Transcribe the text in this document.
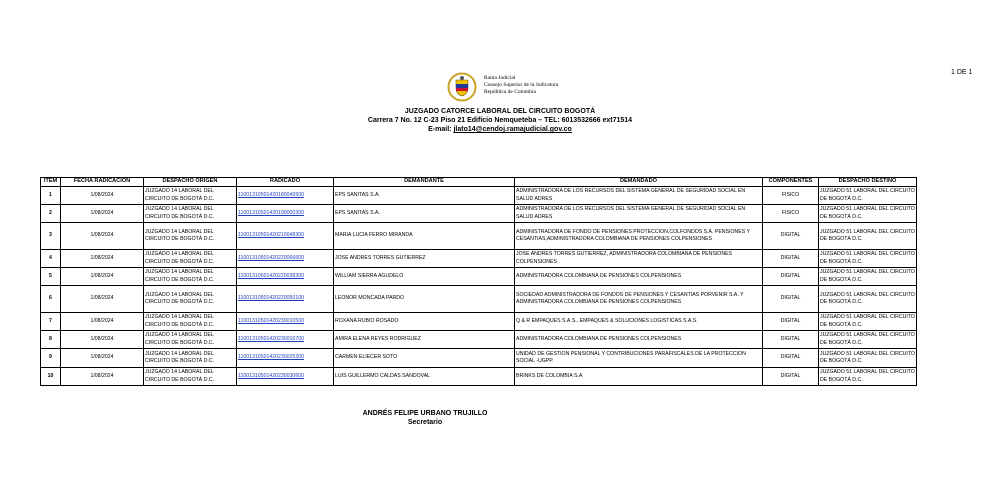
1 DE 1
Rama Judicial
Consejo Superior de la Judicatura
República de Colombia
JUZGADO CATORCE LABORAL DEL CIRCUITO BOGOTÁ
Carrera 7 No. 12 C-23 Piso 21 Edificio Nemqueteba – TEL: 6013532666 ext71514
E-mail: jlato14@cendoj.ramajudicial.gov.co
ITEM	FECHA RADICACION	DESPACHO ORIGEN	RADICADO	DEMANDANTE	DEMANDADO	COMPONENTES	DESPACHO DESTINO
1	1/08/2024	JUZGADO 14 LABORAL DEL CIRCUITO DE BOGOTÁ D.C.	11001310501420180049500	EPS SANITAS S.A.	ADMINISTRADORA DE LOS RECURSOS DEL SISTEMA GENERAL DE SEGURIDAD SOCIAL EN SALUD ADRES	FISICO	JUZGADO 51 LABORAL DEL CIRCUITO DE BOGOTÁ D.C.
2	1/08/2024	JUZGADO 14 LABORAL DEL CIRCUITO DE BOGOTÁ D.C.	11001310501420190000300	EPS SANITAS S.A.	ADMINISTRADORA DE LOS RECURSOS DEL SISTEMA GENERAL DE SEGURIDAD SOCIAL EN SALUD ADRES	FISICO	JUZGADO 51 LABORAL DEL CIRCUITO DE BOGOTÁ D.C.
3	1/08/2024	JUZGADO 14 LABORAL DEL CIRCUITO DE BOGOTÁ D.C.	11001310501420210048300	MARIA LUCIA FERRO MIRANDA	ADMINISTRADORA DE FONDO DE PENSIONES PROTECCION,COLFONDOS S.A. PENSIONES Y CESANTIAS,ADMINISTRADORA COLOMBIANA DE PENSIONES COLPENSIONES	DIGITAL	JUZGADO 51 LABORAL DEL CIRCUITO DE BOGOTÁ D.C.
4	1/08/2024	JUZGADO 14 LABORAL DEL CIRCUITO DE BOGOTÁ D.C.	11001310501420220066600	JOSE ANDRES TORRES GUTIERREZ	JOSE ANDRES TORRES GUTIERREZ, ADMINISTRADORA COLOMBIANA DE PENSIONES COLPENSIONES	DIGITAL	JUZGADO 51 LABORAL DEL CIRCUITO DE BOGOTÁ D.C.
5	1/08/2024	JUZGADO 14 LABORAL DEL CIRCUITO DE BOGOTÁ D.C.	11001310501420220038300	WILLIAM SIERRA AGUDELO	ADMINISTRADORA COLOMBIANA DE PENSIONES COLPENSIONES	DIGITAL	JUZGADO 51 LABORAL DEL CIRCUITO DE BOGOTÁ D.C.
6	1/08/2024	JUZGADO 14 LABORAL DEL CIRCUITO DE BOGOTÁ D.C.	11001310501420220050100	LEONOR MONCADA PARDO	SOCIEDAD ADMINISTRADORA DE FONDOS DE PENSIONES Y CESANTIAS PORVENIR S.A. Y ADMINISTRADORA COLOMBIANA DE PENSIONES COLPENSIONES	DIGITAL	JUZGADO 51 LABORAL DEL CIRCUITO DE BOGOTÁ D.C.
7	1/08/2024	JUZGADO 14 LABORAL DEL CIRCUITO DE BOGOTÁ D.C.	11001310501420230010500	ROXANA RUBIO ROSADO	Q & R EMPAQUES S.A.S., EMPAQUES & SOLUCIONES LOGISTICAS S.A.S.	DIGITAL	JUZGADO 51 LABORAL DEL CIRCUITO DE BOGOTÁ D.C.
8	1/08/2024	JUZGADO 14 LABORAL DEL CIRCUITO DE BOGOTÁ D.C.	11001310501420230016700	AMIRA ELENA REYES RODRIGUEZ	ADMINISTRADORA COLOMBIANA DE PENSIONES COLPENSIONES	DIGITAL	JUZGADO 51 LABORAL DEL CIRCUITO DE BOGOTÁ D.C.
9	1/08/2024	JUZGADO 14 LABORAL DEL CIRCUITO DE BOGOTÁ D.C.	11001310501420230025200	CARMEN ELIECER SOTO	UNIDAD DE GESTION PENSIONAL Y CONTRIBUCIONES PARAFISCALES DE LA PROTECCION SOCIAL -UGPP.	DIGITAL	JUZGADO 51 LABORAL DEL CIRCUITO DE BOGOTÁ D.C.
10	1/08/2024	JUZGADO 14 LABORAL DEL CIRCUITO DE BOGOTÁ D.C.	11001310501420230030600	LUIS GUILLERMO CALDAS SANDOVAL	BRINKS DE COLOMBIA S.A	DIGITAL	JUZGADO 51 LABORAL DEL CIRCUITO DE BOGOTÁ D.C.
ANDRÉS FELIPE URBANO TRUJILLO
Secretario
